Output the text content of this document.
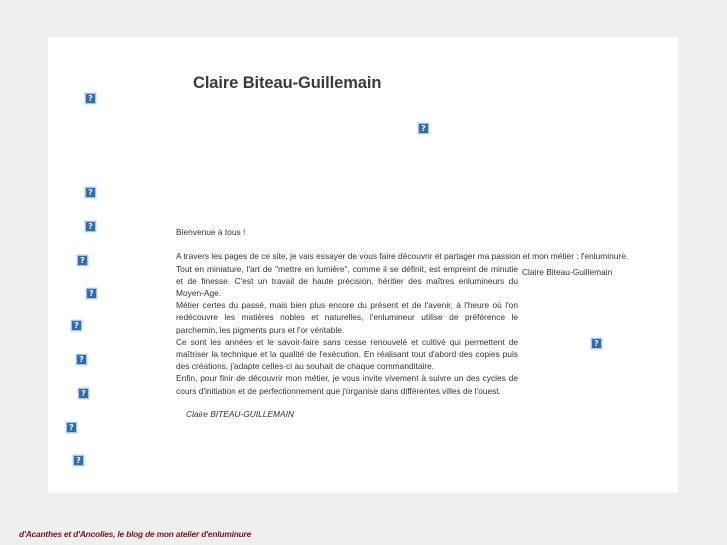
Claire Biteau-Guillemain
?
?
?
?
?
?
?
?
?
?
?
?

Bienvenue à tous !

Tout en miniature, l'art de "mettre en lumière", comme il se définit, est empreint de minutie et de finesse. C'est un travail de haute précision, héritier des maîtres enlumineurs du Moyen-Age.

Métier certes du passé, mais bien plus encore du présent et de l'avenir, à l'heure où l'on redécouvre les matières nobles et naturelles, l'enlumineur utilise de préférence le parchemin, les pigments purs et l'or véritable.

Ce sont les années et le savoir-faire sans cesse renouvelé et cultivé qui permettent de maîtriser la technique et la qualité de l'exécution. En réalisant tout d'abord des copies puis des créations, j'adapte celles-ci au souhait de chaque commanditaire.

Enfin, pour finir de découvrir mon métier, je vous invite vivement à suivre un des cycles de cours d'initiation et de perfectionnement que j'organise dans différentes villes de l'ouest.

A travers les pages de ce site, je vais essayer de vous faire découvrir et partager ma passion et mon métier : l'enluminure.
Claire BITEAU-GUILLEMAIN
Claire Biteau-Guillemain
d'Acanthes et d'Ancolies, le blog de mon atelier d'enluminure
